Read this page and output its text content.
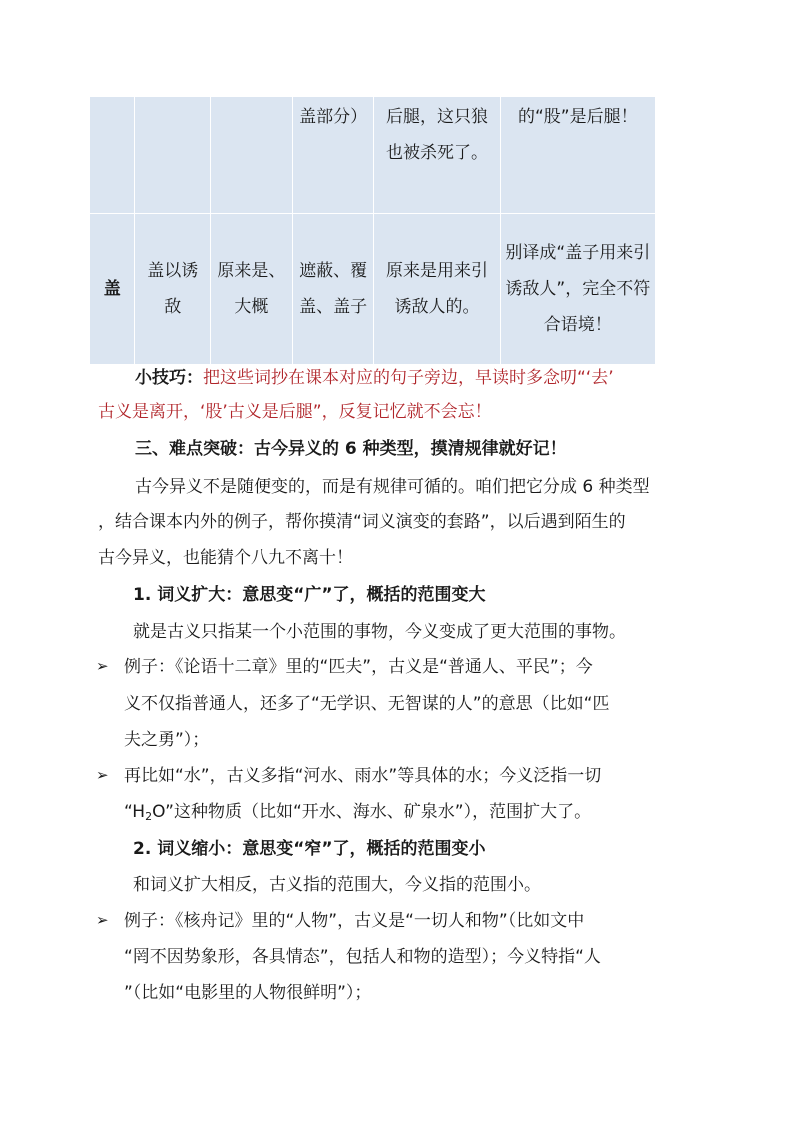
			盖部分）	后腿，这只狼也被杀死了。	的“股”是后腿！

盖	盖以诱敌	原来是、大概	遮蔽、覆盖、盖子	原来是用来引诱敌人的。	别译成“盖子用来引诱敌人”，完全不符合语境！
小技巧：把这些词抄在课本对应的句子旁边，早读时多念叨“‘去’
古义是离开，‘股’古义是后腿”，反复记忆就不会忘！
三、难点突破：古今异义的 6 种类型，摸清规律就好记！
古今异义不是随便变的，而是有规律可循的。咱们把它分成 6 种类型
，结合课本内外的例子，帮你摸清“词义演变的套路”，以后遇到陌生的
古今异义，也能猜个八九不离十！
1. 词义扩大：意思变“广”了，概括的范围变大
就是古义只指某一个小范围的事物，今义变成了更大范围的事物。
➢ 例子：《论语十二章》里的“匹夫”，古义是“普通人、平民”；今
义不仅指普通人，还多了“无学识、无智谋的人”的意思（比如“匹
夫之勇”）；
➢ 再比如“水”，古义多指“河水、雨水”等具体的水；今义泛指一切
“$H_2O$”这种物质（比如“开水、海水、矿泉水”），范围扩大了。
2. 词义缩小：意思变“窄”了，概括的范围变小
和词义扩大相反，古义指的范围大，今义指的范围小。
➢ 例子：《核舟记》里的“人物”，古义是“一切人和物”（比如文中
“罔不因势象形，各具情态”，包括人和物的造型）；今义特指“人
”（比如“电影里的人物很鲜明”）；
